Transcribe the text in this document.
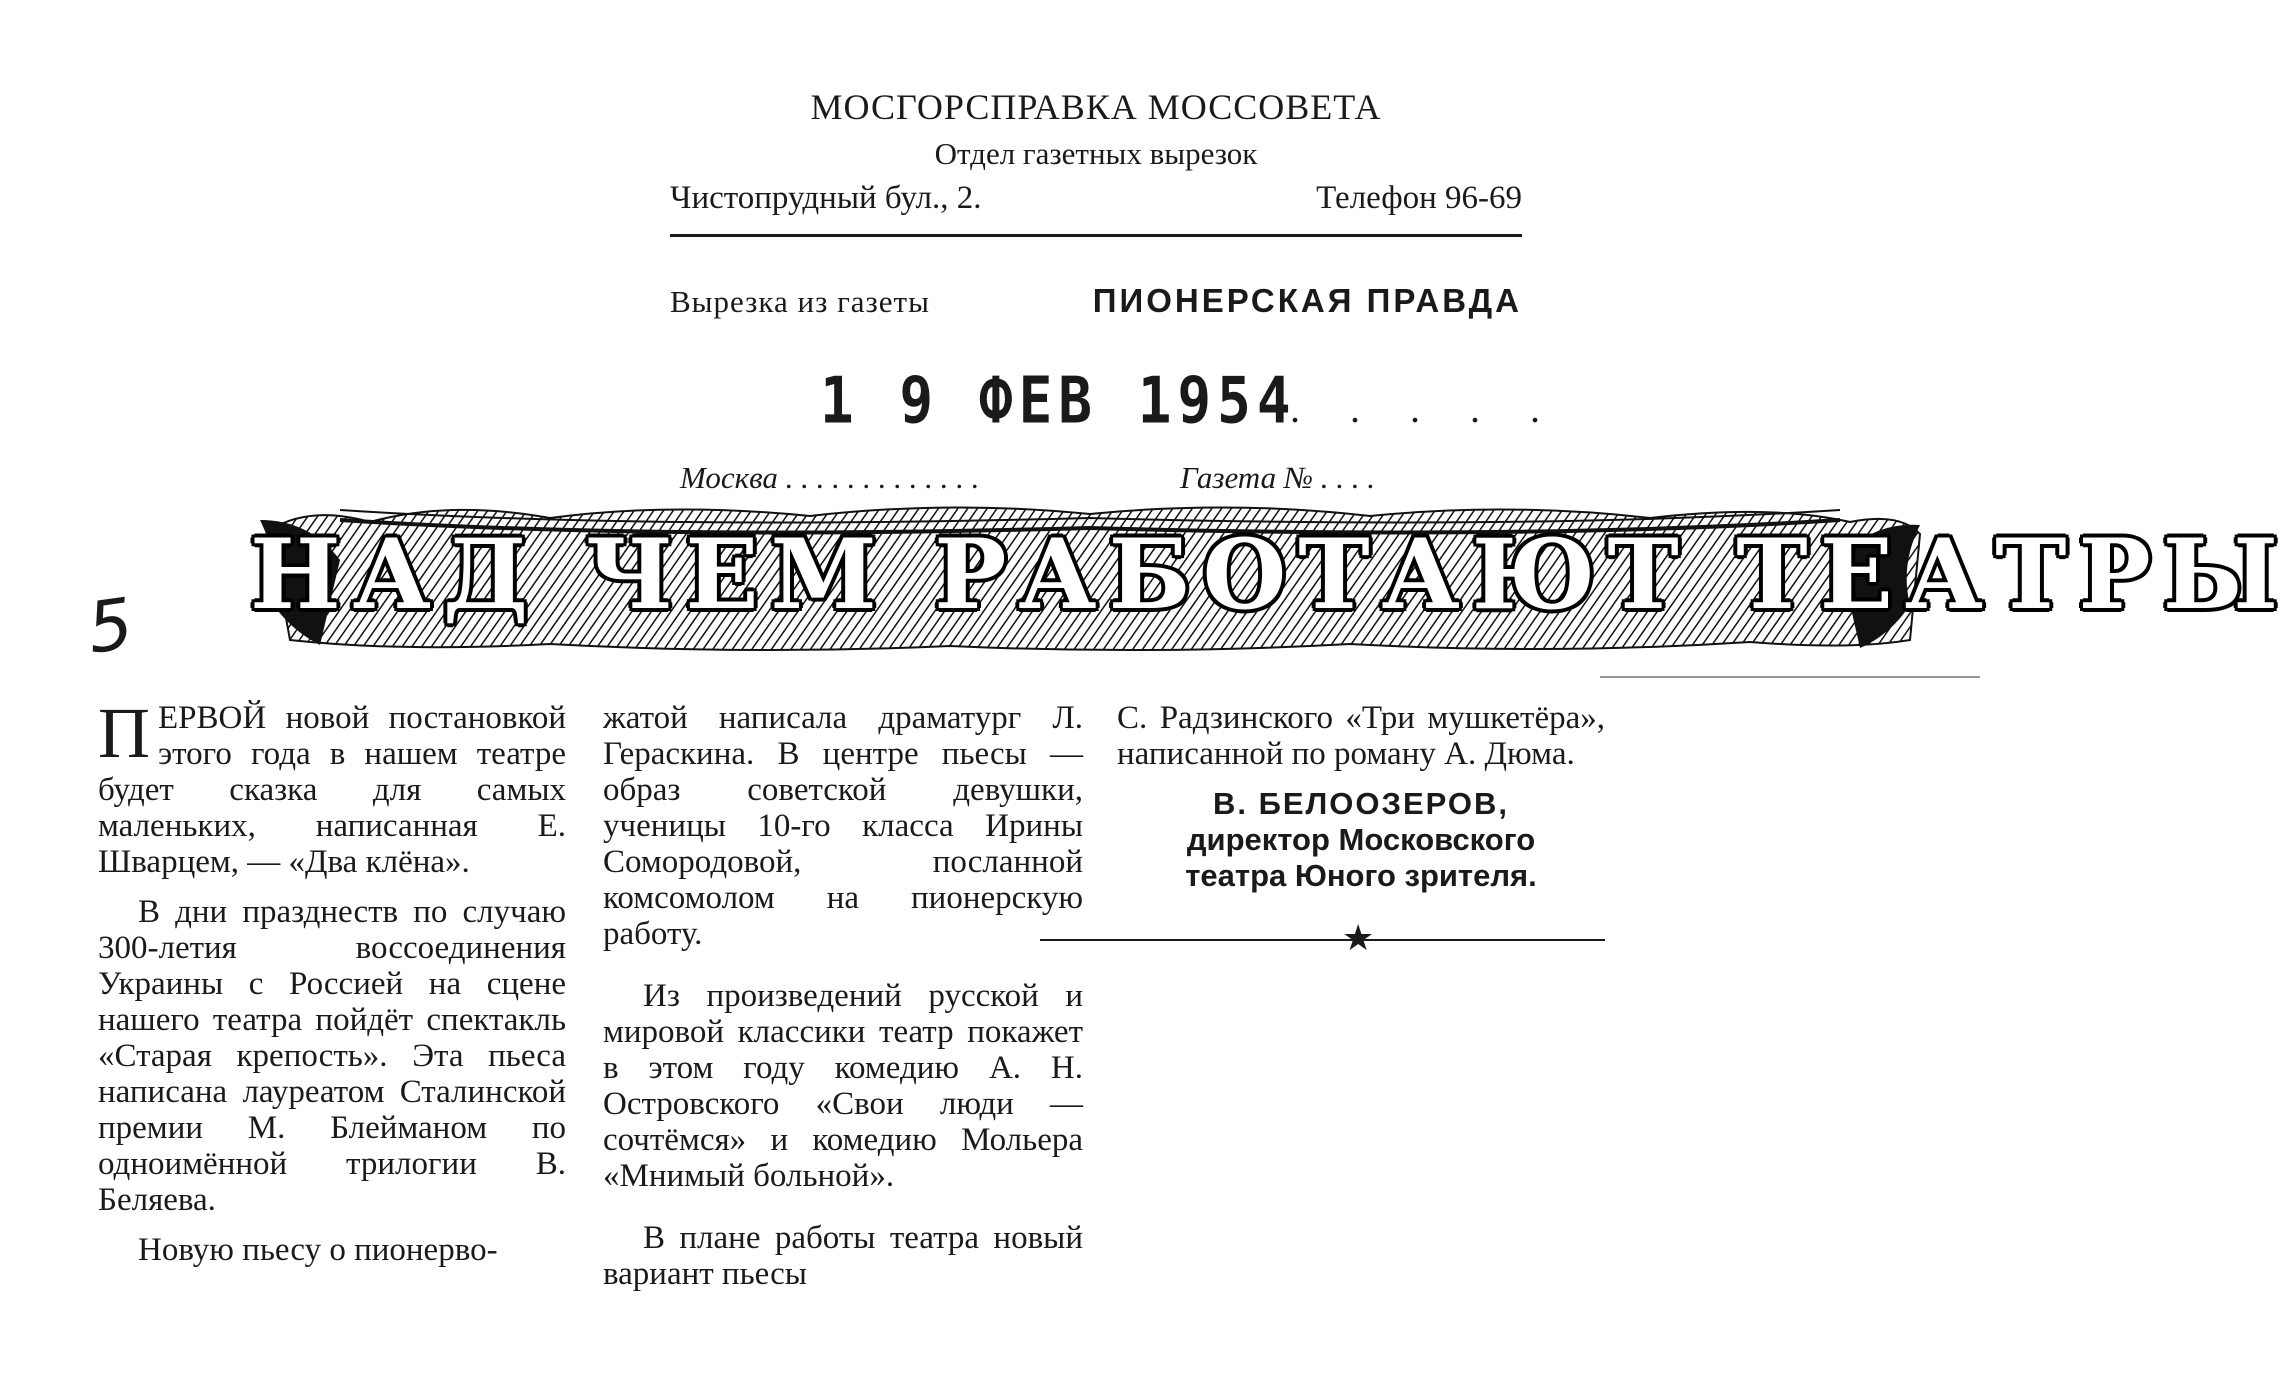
МОСГОРСПРАВКА МОССОВЕТА
Отдел газетных вырезок
Чистопрудный бул., 2.	Телефон 96-69
Вырезка из газеты	ПИОНЕРСКАЯ ПРАВДА
1 9 ФЕВ 1954
. . . . . .
Москва . . . . . . . . . . . . .	Газета № . . . .
5 НАД ЧЕМ РАБОТАЮТ ТЕАТРЫ

ПЕРВОЙ новой постановкой этого года в нашем театре будет сказка для самых маленьких, написанная Е. Шварцем, — «Два клёна».

В дни празднеств по случаю 300-летия воссоединения Украины с Россией на сцене нашего театра пойдёт спектакль «Старая крепость». Эта пьеса написана лауреатом Сталинской премии М. Блейманом по одноимённой трилогии В. Беляева.

Новую пьесу о пионерво-

жатой написала драматург Л. Гераскина. В центре пьесы — образ советской девушки, ученицы 10-го класса Ирины Сомородовой, посланной комсомолом на пионерскую работу.

Из произведений русской и мировой классики театр покажет в этом году комедию А. Н. Островского «Свои люди — сочтёмся» и комедию Мольера «Мнимый больной».

В плане работы театра новый вариант пьесы

С. Радзинского «Три мушкетёра», написанной по роману А. Дюма.

В. БЕЛООЗЕРОВ,
директор Московского
театра Юного зрителя.
★
